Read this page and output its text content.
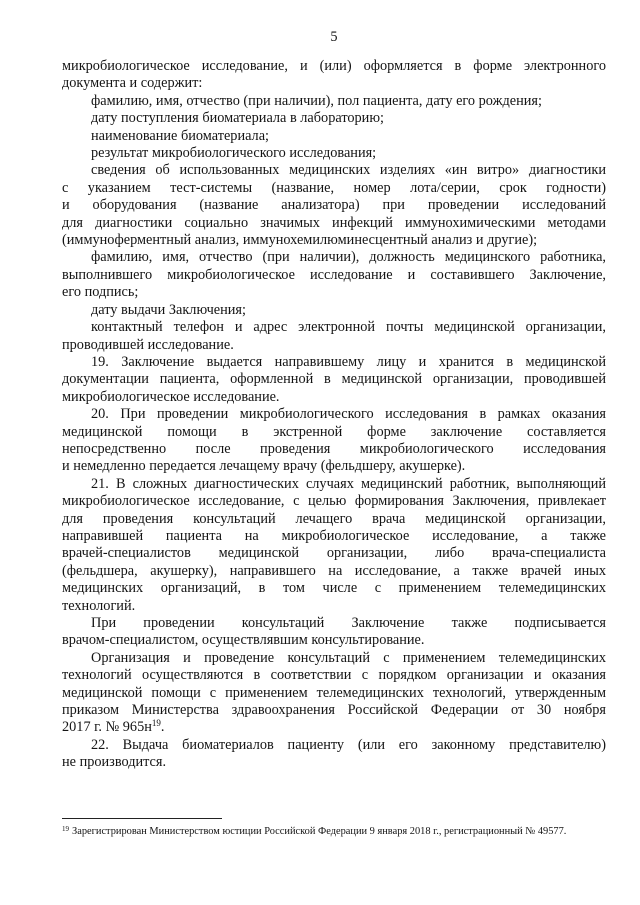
5
микробиологическое исследование, и (или) оформляется в форме электронного
документа и содержит:
фамилию, имя, отчество (при наличии), пол пациента, дату его рождения;
дату поступления биоматериала в лабораторию;
наименование биоматериала;
результат микробиологического исследования;
сведения об использованных медицинских изделиях «ин витро» диагностики
с указанием тест-системы (название, номер лота/серии, срок годности)
и оборудования (название анализатора) при проведении исследований
для диагностики социально значимых инфекций иммунохимическими методами
(иммуноферментный анализ, иммунохемилюминесцентный анализ и другие);
фамилию, имя, отчество (при наличии), должность медицинского работника,
выполнившего микробиологическое исследование и составившего Заключение,
его подпись;
дату выдачи Заключения;
контактный телефон и адрес электронной почты медицинской организации,
проводившей исследование.
19. Заключение выдается направившему лицу и хранится в медицинской
документации пациента, оформленной в медицинской организации, проводившей
микробиологическое исследование.
20. При проведении микробиологического исследования в рамках оказания
медицинской помощи в экстренной форме заключение составляется
непосредственно после проведения микробиологического исследования
и немедленно передается лечащему врачу (фельдшеру, акушерке).
21. В сложных диагностических случаях медицинский работник, выполняющий
микробиологическое исследование, с целью формирования Заключения, привлекает
для проведения консультаций лечащего врача медицинской организации,
направившей пациента на микробиологическое исследование, а также
врачей-специалистов медицинской организации, либо врача-специалиста
(фельдшера, акушерку), направившего на исследование, а также врачей иных
медицинских организаций, в том числе с применением телемедицинских
технологий.
При проведении консультаций Заключение также подписывается
врачом-специалистом, осуществлявшим консультирование.
Организация и проведение консультаций с применением телемедицинских
технологий осуществляются в соответствии с порядком организации и оказания
медицинской помощи с применением телемедицинских технологий, утвержденным
приказом Министерства здравоохранения Российской Федерации от 30 ноября
2017 г. № $965н^{19}$.
22. Выдача биоматериалов пациенту (или его законному представителю)
не производится.
$^{19}$ Зарегистрирован Министерством юстиции Российской Федерации 9 января 2018 г., регистрационный № 49577.
